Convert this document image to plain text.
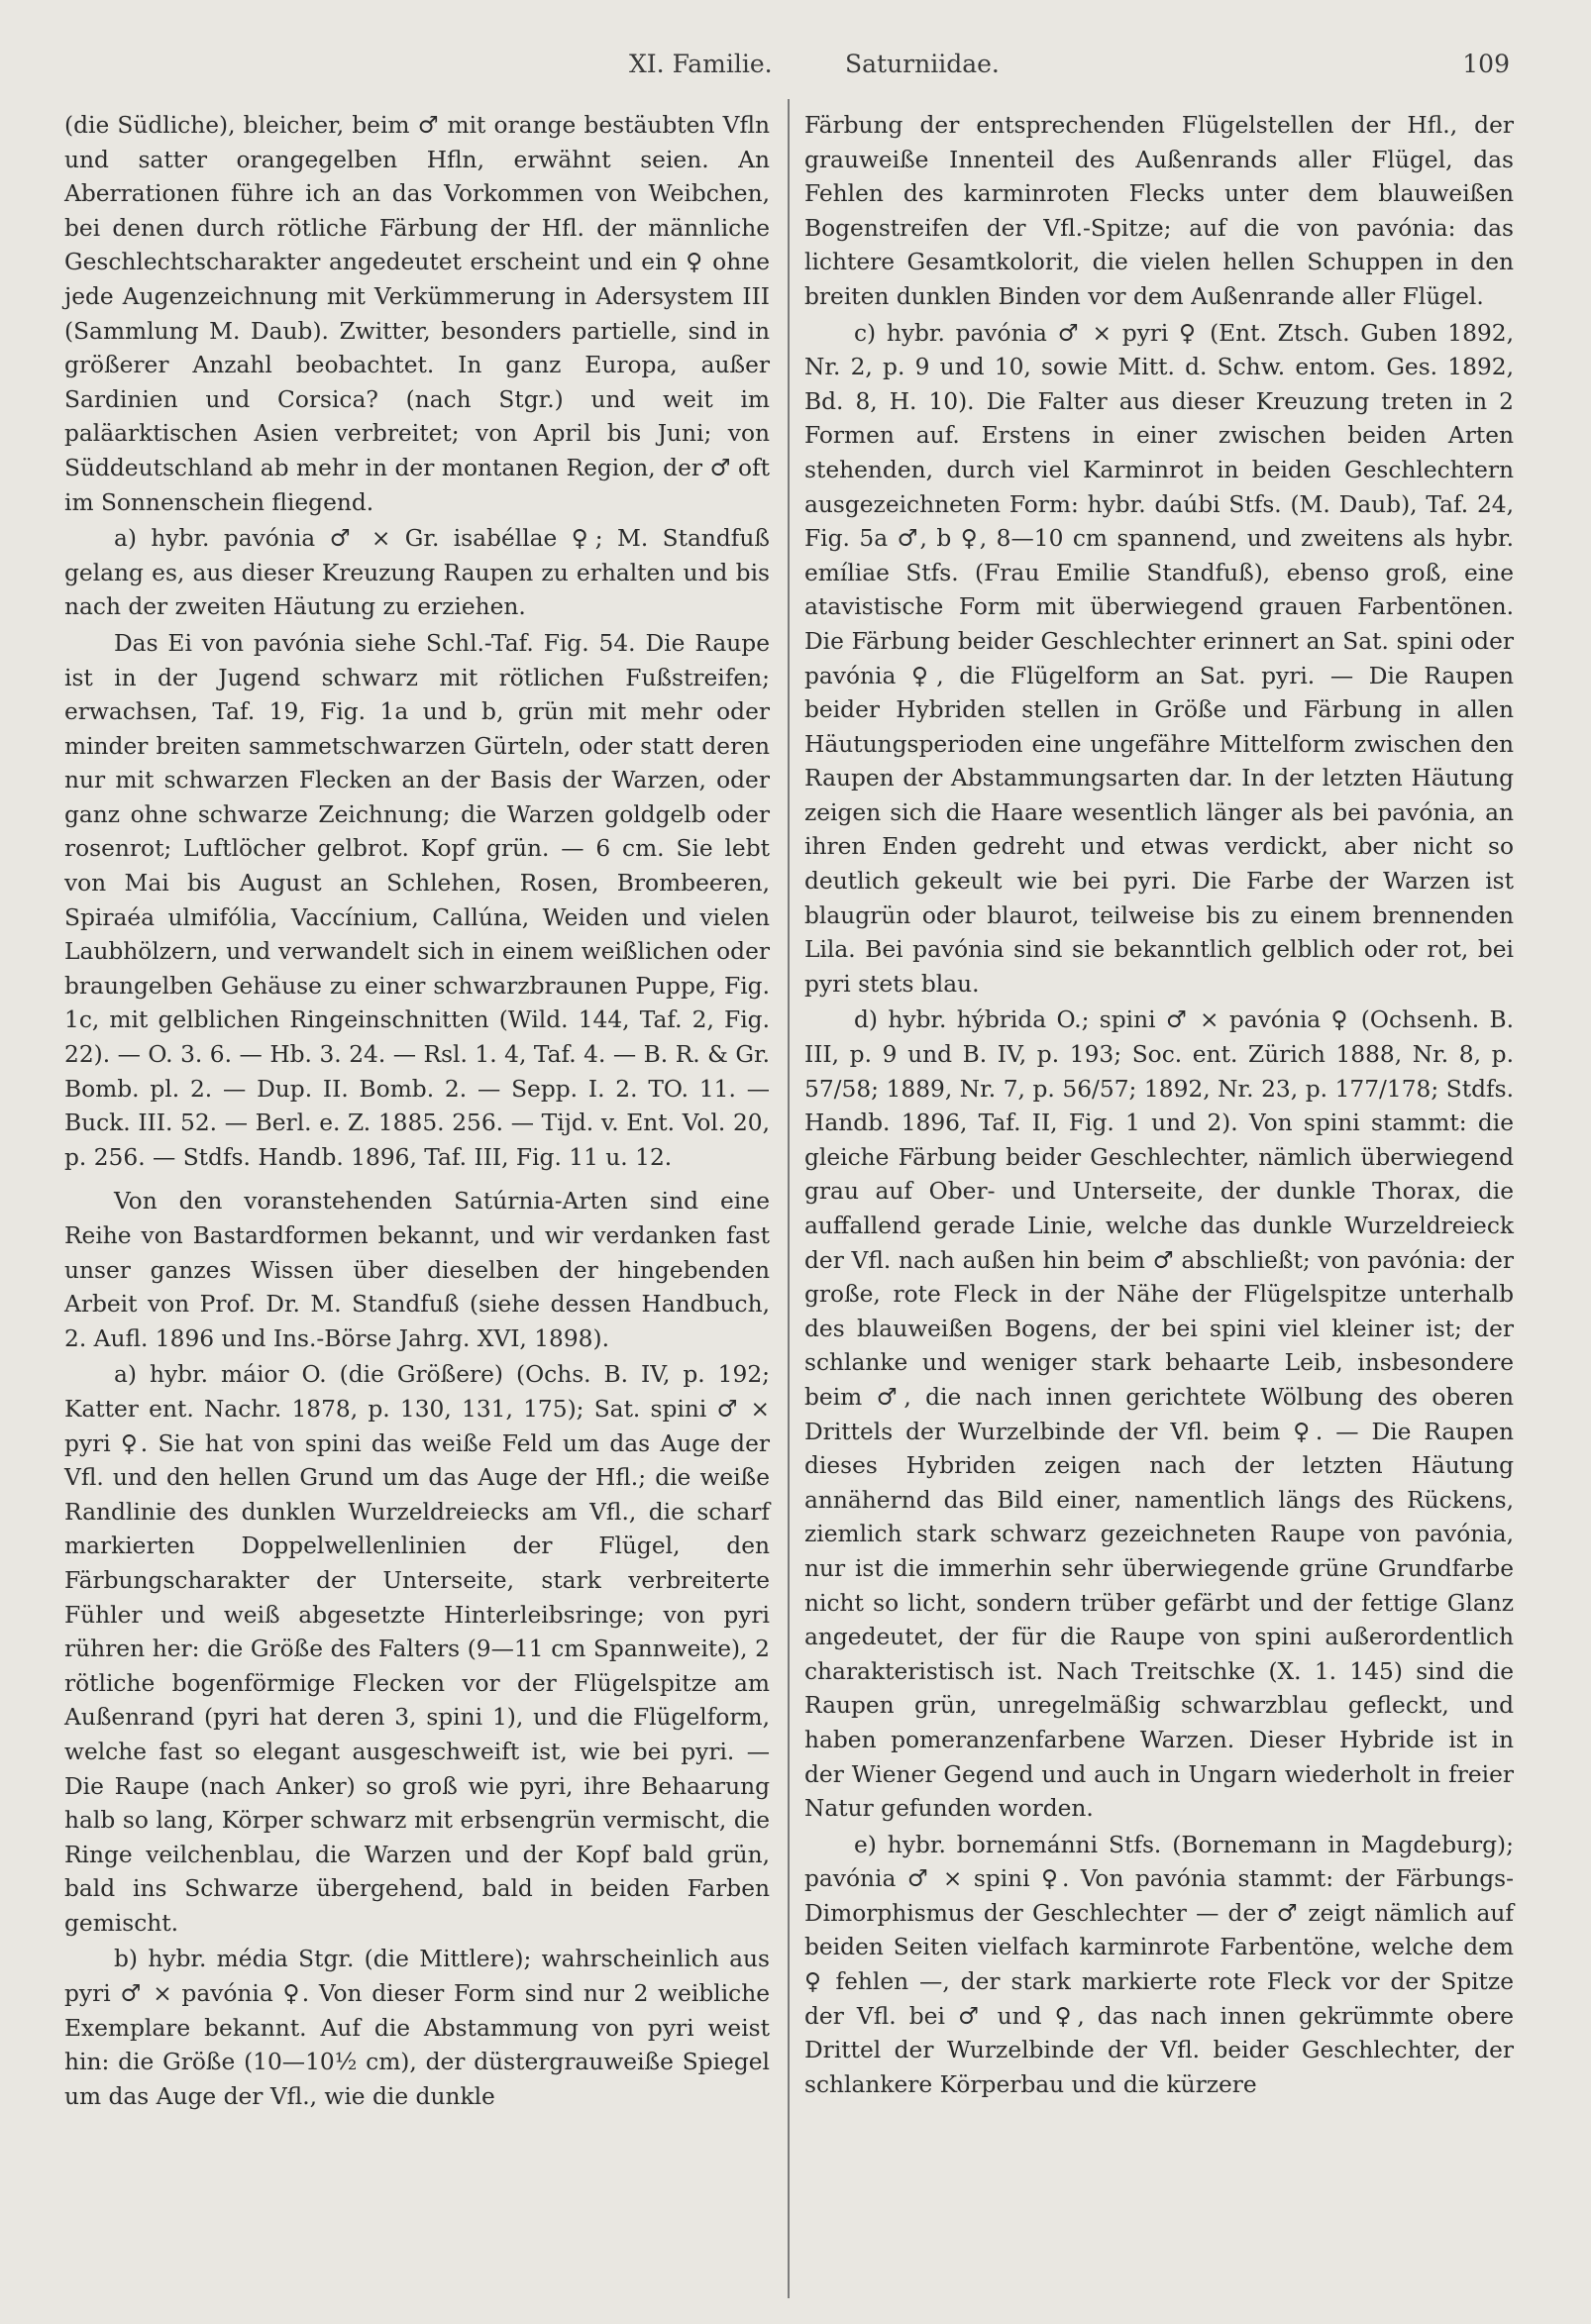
XI. Familie.	Saturniidae.	109

(die Südliche), bleicher, beim ♂ mit orange bestäubten Vfln und satter orangegelben Hfln, erwähnt seien. An Aberrationen führe ich an das Vorkommen von Weibchen, bei denen durch rötliche Färbung der Hfl. der männliche Geschlechtscharakter angedeutet erscheint und ein ♀ ohne jede Augenzeichnung mit Verkümmerung in Adersystem III (Sammlung M. Daub). Zwitter, besonders partielle, sind in größerer Anzahl beobachtet. In ganz Europa, außer Sardinien und Corsica? (nach Stgr.) und weit im paläarktischen Asien verbreitet; von April bis Juni; von Süddeutschland ab mehr in der montanen Region, der ♂ oft im Sonnenschein fliegend.

a) hybr. pavónia ♂ × Gr. isabéllae ♀; M. Standfuß gelang es, aus dieser Kreuzung Raupen zu erhalten und bis nach der zweiten Häutung zu erziehen.

Das Ei von pavónia siehe Schl.-Taf. Fig. 54. Die Raupe ist in der Jugend schwarz mit rötlichen Fußstreifen; erwachsen, Taf. 19, Fig. 1a und b, grün mit mehr oder minder breiten sammetschwarzen Gürteln, oder statt deren nur mit schwarzen Flecken an der Basis der Warzen, oder ganz ohne schwarze Zeichnung; die Warzen goldgelb oder rosenrot; Luftlöcher gelbrot. Kopf grün. — 6 cm. Sie lebt von Mai bis August an Schlehen, Rosen, Brombeeren, Spiraéa ulmifólia, Vaccínium, Callúna, Weiden und vielen Laubhölzern, und verwandelt sich in einem weißlichen oder braungelben Gehäuse zu einer schwarzbraunen Puppe, Fig. 1c, mit gelblichen Ringeinschnitten (Wild. 144, Taf. 2, Fig. 22). — O. 3. 6. — Hb. 3. 24. — Rsl. 1. 4, Taf. 4. — B. R. & Gr. Bomb. pl. 2. — Dup. II. Bomb. 2. — Sepp. I. 2. TO. 11. — Buck. III. 52. — Berl. e. Z. 1885. 256. — Tijd. v. Ent. Vol. 20, p. 256. — Stdfs. Handb. 1896, Taf. III, Fig. 11 u. 12.

Von den voranstehenden Satúrnia-Arten sind eine Reihe von Bastardformen bekannt, und wir verdanken fast unser ganzes Wissen über dieselben der hingebenden Arbeit von Prof. Dr. M. Standfuß (siehe dessen Handbuch, 2. Aufl. 1896 und Ins.-Börse Jahrg. XVI, 1898).

a) hybr. máior O. (die Größere) (Ochs. B. IV, p. 192; Katter ent. Nachr. 1878, p. 130, 131, 175); Sat. spini ♂ × pyri ♀. Sie hat von spini das weiße Feld um das Auge der Vfl. und den hellen Grund um das Auge der Hfl.; die weiße Randlinie des dunklen Wurzeldreiecks am Vfl., die scharf markierten Doppelwellenlinien der Flügel, den Färbungscharakter der Unterseite, stark verbreiterte Fühler und weiß abgesetzte Hinterleibsringe; von pyri rühren her: die Größe des Falters (9—11 cm Spannweite), 2 rötliche bogenförmige Flecken vor der Flügelspitze am Außenrand (pyri hat deren 3, spini 1), und die Flügelform, welche fast so elegant ausgeschweift ist, wie bei pyri. — Die Raupe (nach Anker) so groß wie pyri, ihre Behaarung halb so lang, Körper schwarz mit erbsengrün vermischt, die Ringe veilchenblau, die Warzen und der Kopf bald grün, bald ins Schwarze übergehend, bald in beiden Farben gemischt.

b) hybr. média Stgr. (die Mittlere); wahrscheinlich aus pyri ♂ × pavónia ♀. Von dieser Form sind nur 2 weibliche Exemplare bekannt. Auf die Abstammung von pyri weist hin: die Größe (10—10½ cm), der düstergrauweiße Spiegel um das Auge der Vfl., wie die dunkle

Färbung der entsprechenden Flügelstellen der Hfl., der grauweiße Innenteil des Außenrands aller Flügel, das Fehlen des karminroten Flecks unter dem blauweißen Bogenstreifen der Vfl.-Spitze; auf die von pavónia: das lichtere Gesamtkolorit, die vielen hellen Schuppen in den breiten dunklen Binden vor dem Außenrande aller Flügel.

c) hybr. pavónia ♂ × pyri ♀ (Ent. Ztsch. Guben 1892, Nr. 2, p. 9 und 10, sowie Mitt. d. Schw. entom. Ges. 1892, Bd. 8, H. 10). Die Falter aus dieser Kreuzung treten in 2 Formen auf. Erstens in einer zwischen beiden Arten stehenden, durch viel Karminrot in beiden Geschlechtern ausgezeichneten Form: hybr. daúbi Stfs. (M. Daub), Taf. 24, Fig. 5a ♂, b ♀, 8—10 cm spannend, und zweitens als hybr. emíliae Stfs. (Frau Emilie Standfuß), ebenso groß, eine atavistische Form mit überwiegend grauen Farbentönen. Die Färbung beider Geschlechter erinnert an Sat. spini oder pavónia ♀, die Flügelform an Sat. pyri. — Die Raupen beider Hybriden stellen in Größe und Färbung in allen Häutungsperioden eine ungefähre Mittelform zwischen den Raupen der Abstammungsarten dar. In der letzten Häutung zeigen sich die Haare wesentlich länger als bei pavónia, an ihren Enden gedreht und etwas verdickt, aber nicht so deutlich gekeult wie bei pyri. Die Farbe der Warzen ist blaugrün oder blaurot, teilweise bis zu einem brennenden Lila. Bei pavónia sind sie bekanntlich gelblich oder rot, bei pyri stets blau.

d) hybr. hýbrida O.; spini ♂ × pavónia ♀ (Ochsenh. B. III, p. 9 und B. IV, p. 193; Soc. ent. Zürich 1888, Nr. 8, p. 57/58; 1889, Nr. 7, p. 56/57; 1892, Nr. 23, p. 177/178; Stdfs. Handb. 1896, Taf. II, Fig. 1 und 2). Von spini stammt: die gleiche Färbung beider Geschlechter, nämlich überwiegend grau auf Ober- und Unterseite, der dunkle Thorax, die auffallend gerade Linie, welche das dunkle Wurzeldreieck der Vfl. nach außen hin beim ♂ abschließt; von pavónia: der große, rote Fleck in der Nähe der Flügelspitze unterhalb des blauweißen Bogens, der bei spini viel kleiner ist; der schlanke und weniger stark behaarte Leib, insbesondere beim ♂, die nach innen gerichtete Wölbung des oberen Drittels der Wurzelbinde der Vfl. beim ♀. — Die Raupen dieses Hybriden zeigen nach der letzten Häutung annähernd das Bild einer, namentlich längs des Rückens, ziemlich stark schwarz gezeichneten Raupe von pavónia, nur ist die immerhin sehr überwiegende grüne Grundfarbe nicht so licht, sondern trüber gefärbt und der fettige Glanz angedeutet, der für die Raupe von spini außerordentlich charakteristisch ist. Nach Treitschke (X. 1. 145) sind die Raupen grün, unregelmäßig schwarzblau gefleckt, und haben pomeranzenfarbene Warzen. Dieser Hybride ist in der Wiener Gegend und auch in Ungarn wiederholt in freier Natur gefunden worden.

e) hybr. bornemánni Stfs. (Bornemann in Magdeburg); pavónia ♂ × spini ♀. Von pavónia stammt: der Färbungs-Dimorphismus der Geschlechter — der ♂ zeigt nämlich auf beiden Seiten vielfach karminrote Farbentöne, welche dem ♀ fehlen —, der stark markierte rote Fleck vor der Spitze der Vfl. bei ♂ und ♀, das nach innen gekrümmte obere Drittel der Wurzelbinde der Vfl. beider Geschlechter, der schlankere Körperbau und die kürzere
